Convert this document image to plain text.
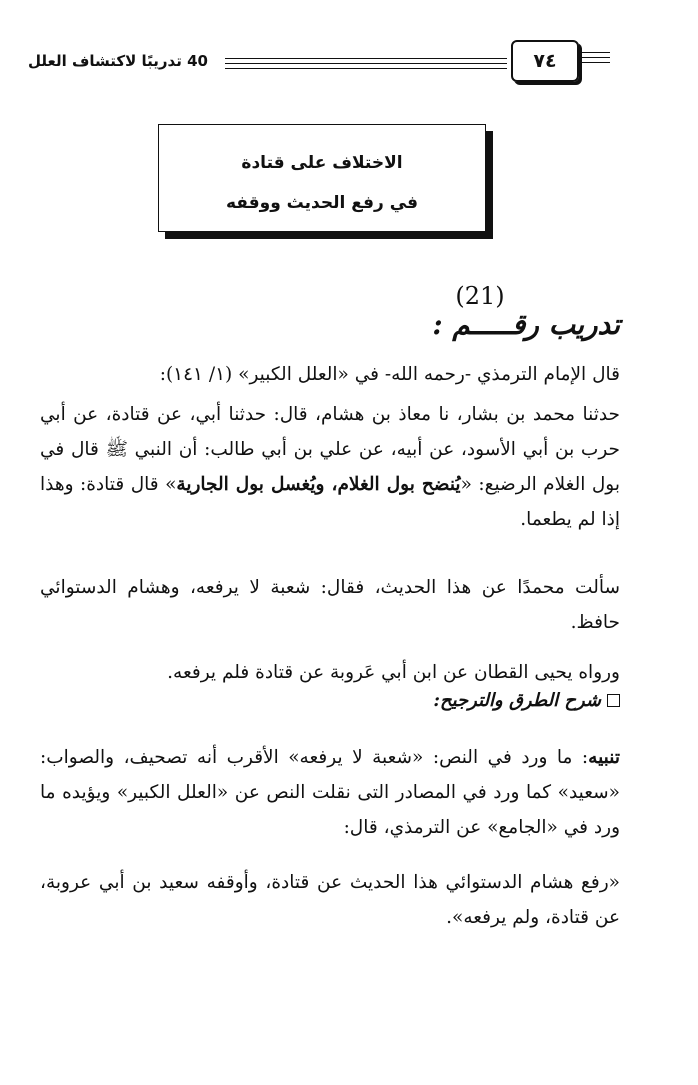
40 تدريبًا لاكتشاف العلل	٧٤
الاختلاف على قتادة
في رفع الحديث ووقفه
(21)
تدريب رقـــــم :
قال الإمام الترمذي -رحمه الله- في «العلل الكبير» (١/ ١٤١):
حدثنا محمد بن بشار، نا معاذ بن هشام، قال: حدثنا أبي، عن قتادة، عن أبي حرب بن أبي الأسود، عن أبيه، عن علي بن أبي طالب: أن النبي ﷺ قال في بول الغلام الرضيع: «يُنضح بول الغلام، ويُغسل بول الجارية» قال قتادة: وهذا إذا لم يطعما.
سألت محمدًا عن هذا الحديث، فقال: شعبة لا يرفعه، وهشام الدستوائي حافظ.
ورواه يحيى القطان عن ابن أبي عَروبة عن قتادة فلم يرفعه.
شرح الطرق والترجيح:
تنبيه: ما ورد في النص: «شعبة لا يرفعه» الأقرب أنه تصحيف، والصواب: «سعيد» كما ورد في المصادر التى نقلت النص عن «العلل الكبير» ويؤيده ما ورد في «الجامع» عن الترمذي، قال:
«رفع هشام الدستوائي هذا الحديث عن قتادة، وأوقفه سعيد بن أبي عروبة، عن قتادة، ولم يرفعه».
